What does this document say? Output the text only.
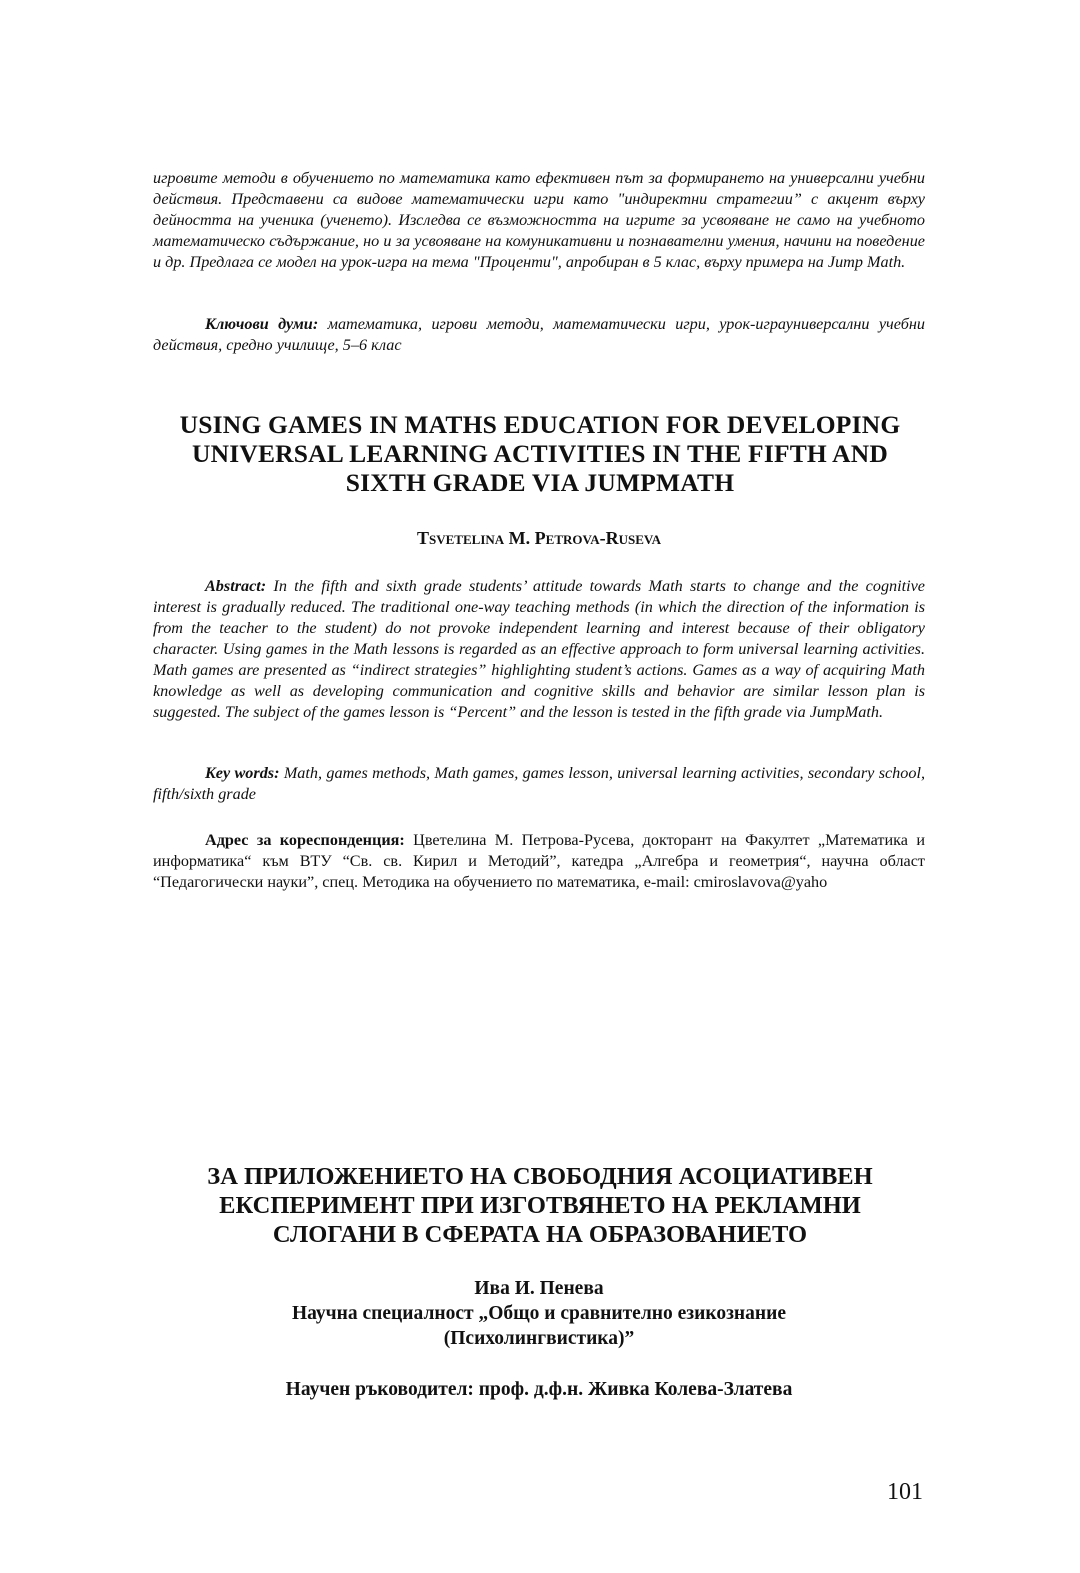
игровите методи в обучението по математика като ефективен път за формирането на универсални учебни действия. Представени са видове математически игри като "индиректни стратегии” с акцент върху дейността на ученика (ученето). Изследва се възможността на игрите за усвояване не само на учебното математическо съдържание, но и за усвояване на комуникативни и познавателни умения, начини на поведение и др. Предлага се модел на урок-игра на тема "Проценти", апробиран в 5 клас, върху примера на Jump Math.

Ключови думи: математика, игрови методи, математически игри, урок-играуниверсални учебни действия, средно училище, 5–6 клас

USING GAMES IN MATHS EDUCATION FOR DEVELOPING
UNIVERSAL LEARNING ACTIVITIES IN THE FIFTH AND
SIXTH GRADE VIA JUMPMATH
Tsvetelina M. Petrova-Ruseva

Abstract: In the fifth and sixth grade students’ attitude towards Math starts to change and the cognitive interest is gradually reduced. The traditional one-way teaching methods (in which the direction of the information is from the teacher to the student) do not provoke independent learning and interest because of their obligatory character. Using games in the Math lessons is regarded as an effective approach to form universal learning activities. Math games are presented as “indirect strategies” highlighting student’s actions. Games as a way of acquiring Math knowledge as well as developing communication and cognitive skills and behavior are similar lesson plan is suggested. The subject of the games lesson is “Percent” and the lesson is tested in the fifth grade via JumpMath.

Key words: Math, games methods, Math games, games lesson, universal learning activities, secondary school, fifth/sixth grade

Адрес за кореспонденция: Цветелина М. Петрова-Русева, докторант на Факултет „Математика и информатика“ към ВТУ “Св. св. Кирил и Методий”, катедра „Алгебра и геометрия“, научна област “Педагогически науки”, спец. Методика на обучението по математика, e-mail: cmiroslavova@yaho

ЗА ПРИЛОЖЕНИЕТО НА СВОБОДНИЯ АСОЦИАТИВЕН
ЕКСПЕРИМЕНТ ПРИ ИЗГОТВЯНЕТО НА РЕКЛАМНИ
СЛОГАНИ В СФЕРАТА НА ОБРАЗОВАНИЕТО
Ива И. Пенева
Научна специалност „Общо и сравнително езикознание
(Психолингвистика)”
Научен ръководител: проф. д.ф.н. Живка Колева-Златева
101
